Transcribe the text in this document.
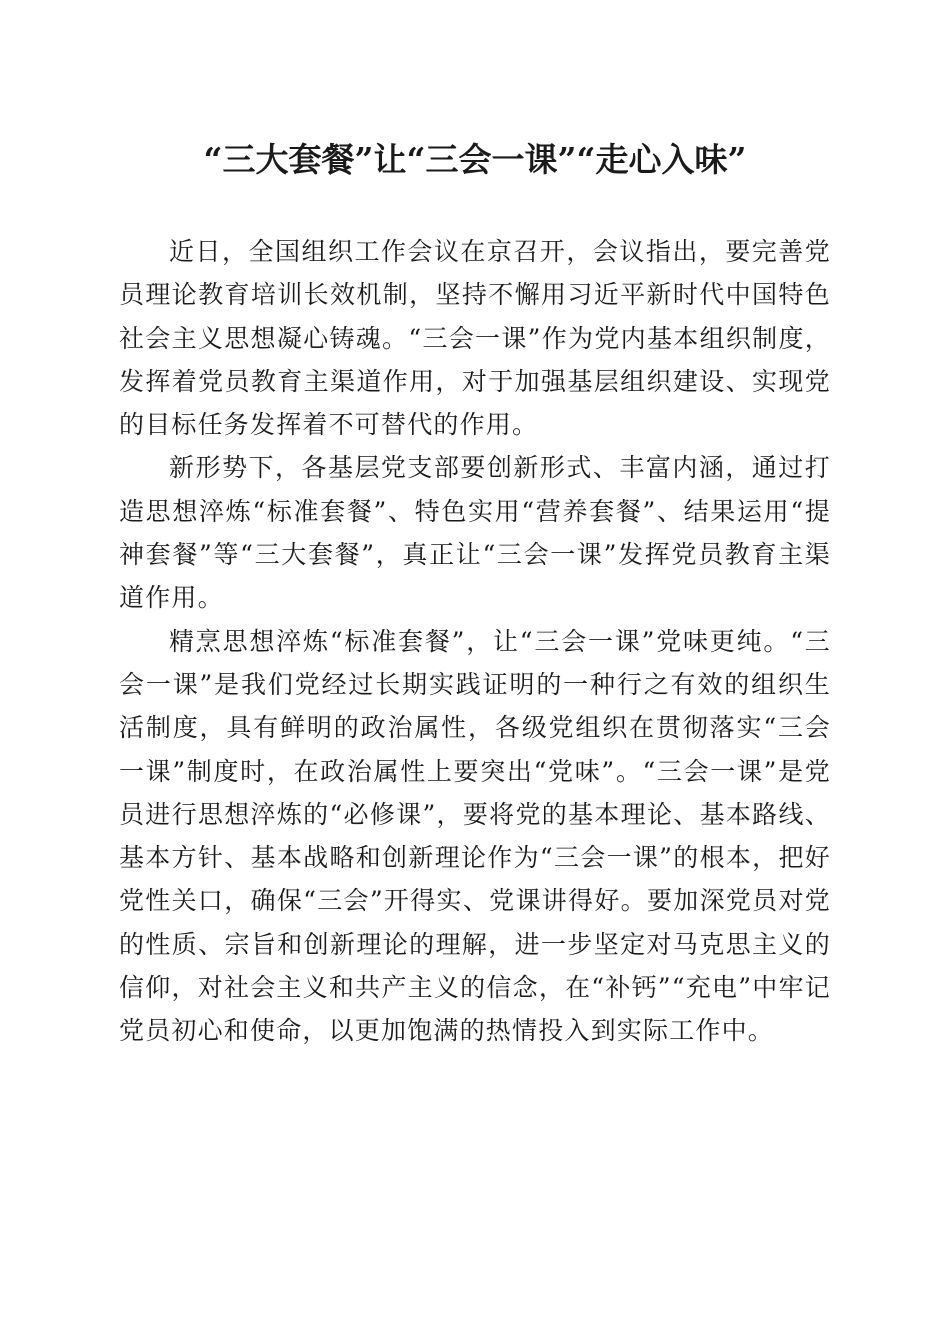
“三大套餐”让“三会一课”“走心入味”

近日，全国组织工作会议在京召开，会议指出，要完善党员理论教育培训长效机制，坚持不懈用习近平新时代中国特色社会主义思想凝心铸魂。“三会一课”作为党内基本组织制度，发挥着党员教育主渠道作用，对于加强基层组织建设、实现党的目标任务发挥着不可替代的作用。

新形势下，各基层党支部要创新形式、丰富内涵，通过打造思想淬炼“标准套餐”、特色实用“营养套餐”、结果运用“提神套餐”等“三大套餐”，真正让“三会一课”发挥党员教育主渠道作用。

精烹思想淬炼“标准套餐”，让“三会一课”党味更纯。“三会一课”是我们党经过长期实践证明的一种行之有效的组织生活制度，具有鲜明的政治属性，各级党组织在贯彻落实“三会一课”制度时，在政治属性上要突出“党味”。“三会一课”是党员进行思想淬炼的“必修课”，要将党的基本理论、基本路线、基本方针、基本战略和创新理论作为“三会一课”的根本，把好党性关口，确保“三会”开得实、党课讲得好。要加深党员对党的性质、宗旨和创新理论的理解，进一步坚定对马克思主义的信仰，对社会主义和共产主义的信念，在“补钙”“充电”中牢记党员初心和使命，以更加饱满的热情投入到实际工作中。
